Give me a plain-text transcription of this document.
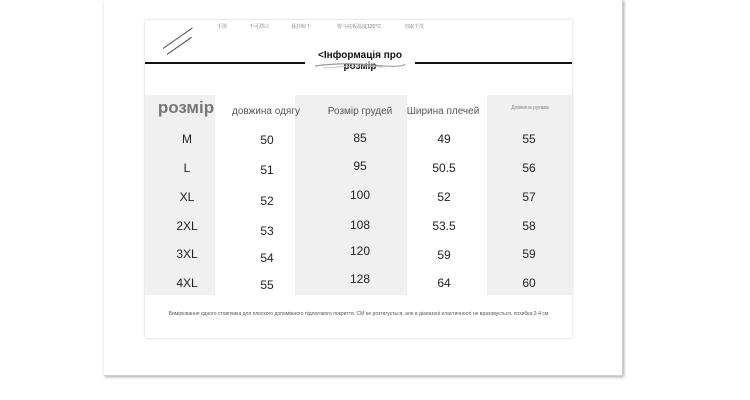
手洗	不可漂白	悬挂晾干	熨斗底板温度120°C	勿取干洗
<Інформація про розмір
розмір	довжина одягу	Розмір грудей	Ширина плечей	Довжина рукава
M	50	85	49	55
L	51	95	50.5	56
XL	52	100	52	57
2XL	53	108	53.5	58
3XL	54	120	59	59
4XL	55	128	64	60
Вимірювання одного стовпчика для плоского допоміжного підлогового покриття. СМ не розтягується, але в діапазоні еластичності не враховується, похибка 2-4 см
